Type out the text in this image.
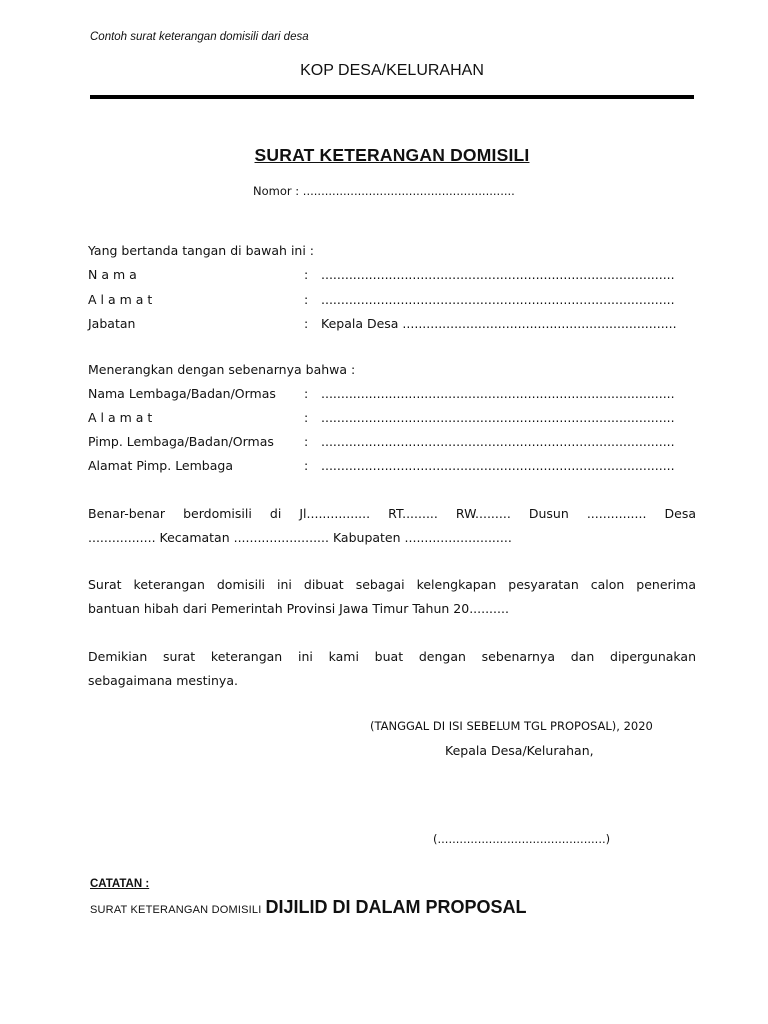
Contoh surat keterangan domisili dari desa
KOP DESA/KELURAHAN
SURAT KETERANGAN DOMISILI
Nomor : ..........................................................
Yang bertanda tangan di bawah ini :
N a m a	: .........................................................................................
A l a m a t	: .........................................................................................
Jabatan	: Kepala Desa .....................................................................
Menerangkan dengan sebenarnya bahwa :
Nama Lembaga/Badan/Ormas : .........................................................................................
A l a m a t	: .........................................................................................
Pimp. Lembaga/Badan/Ormas : .........................................................................................
Alamat Pimp. Lembaga	: .........................................................................................

Benar-benar berdomisili di Jl................ RT......... RW......... Dusun ............... Desa

................. Kecamatan ........................ Kabupaten ...........................

Surat keterangan domisili ini dibuat sebagai kelengkapan pesyaratan calon penerima

bantuan hibah dari Pemerintah Provinsi Jawa Timur Tahun 20..........

Demikian surat keterangan ini kami buat dengan sebenarnya dan dipergunakan

sebagaimana mestinya.

(TANGGAL DI ISI SEBELUM TGL PROPOSAL), 2020
Kepala Desa/Kelurahan,
(..............................................)
CATATAN :
SURAT KETERANGAN DOMISILI DIJILID DI DALAM PROPOSAL
